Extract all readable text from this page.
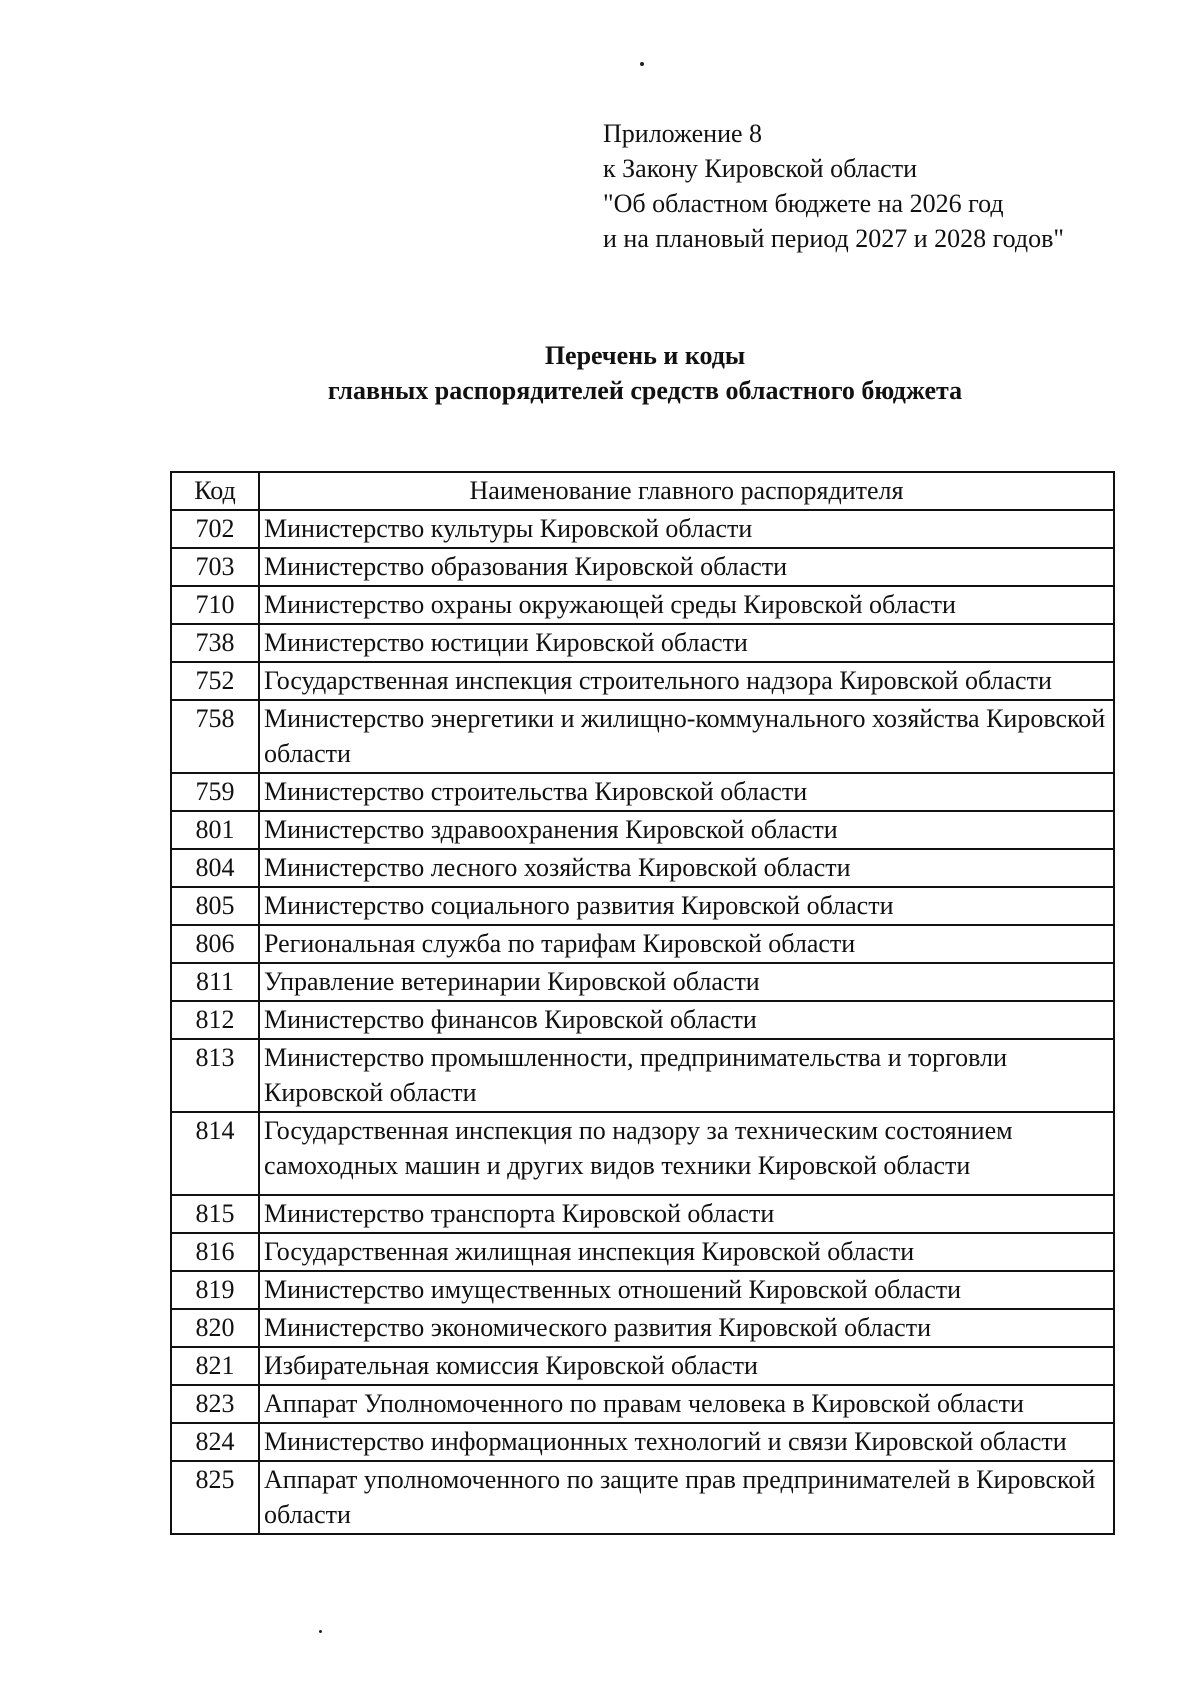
Приложение 8
к Закону Кировской области
"Об областном бюджете на 2026 год
и на плановый период 2027 и 2028 годов"
Перечень и коды
главных распорядителей средств областного бюджета
Код	Наименование главного распорядителя
702	Министерство культуры Кировской области
703	Министерство образования Кировской области
710	Министерство охраны окружающей среды Кировской области
738	Министерство юстиции Кировской области
752	Государственная инспекция строительного надзора Кировской области
758	Министерство энергетики и жилищно-коммунального хозяйства Кировской области
759	Министерство строительства Кировской области
801	Министерство здравоохранения Кировской области
804	Министерство лесного хозяйства Кировской области
805	Министерство социального развития Кировской области
806	Региональная служба по тарифам Кировской области
811	Управление ветеринарии Кировской области
812	Министерство финансов Кировской области
813	Министерство промышленности, предпринимательства и торговли Кировской области
814	Государственная инспекция по надзору за техническим состоянием самоходных машин и других видов техники Кировской области
815	Министерство транспорта Кировской области
816	Государственная жилищная инспекция Кировской области
819	Министерство имущественных отношений Кировской области
820	Министерство экономического развития Кировской области
821	Избирательная комиссия Кировской области
823	Аппарат Уполномоченного по правам человека в Кировской области
824	Министерство информационных технологий и связи Кировской области
825	Аппарат уполномоченного по защите прав предпринимателей в Кировской области
